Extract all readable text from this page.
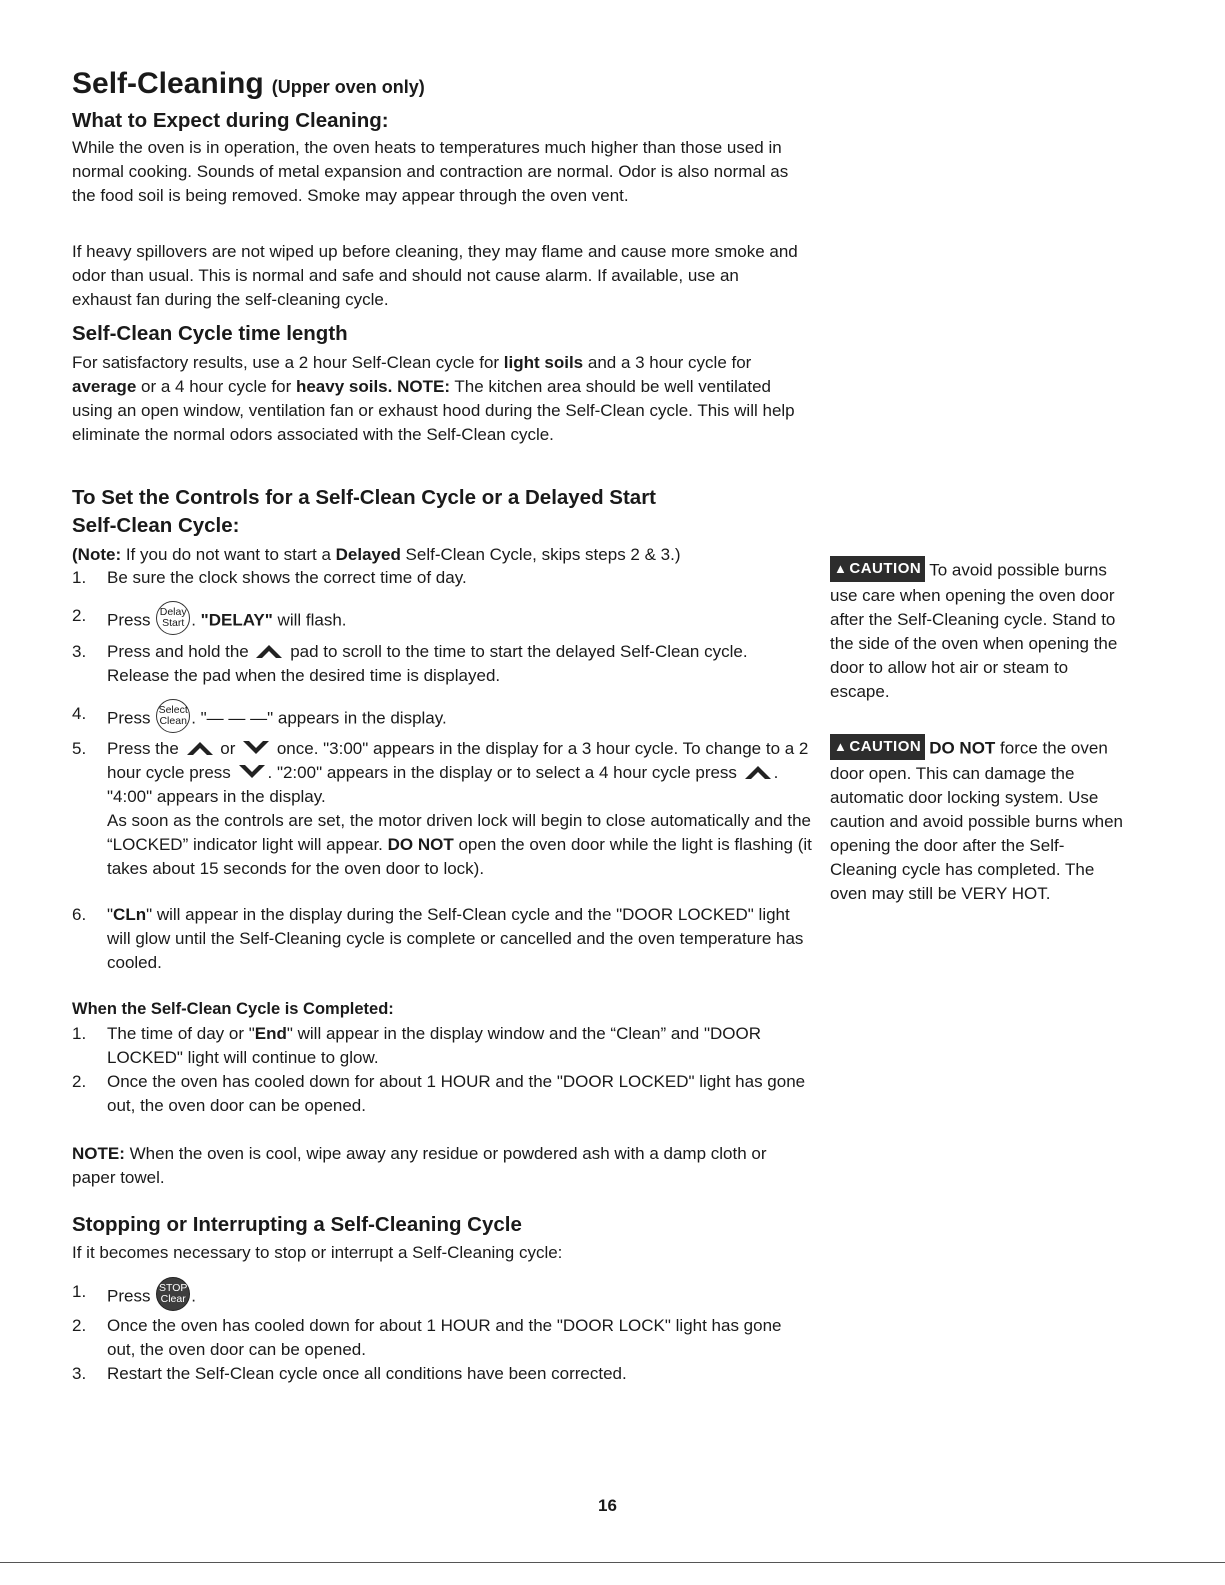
Self-Cleaning (Upper oven only)
What to Expect during Cleaning:

While the oven is in operation, the oven heats to temperatures much higher than those used in normal cooking. Sounds of metal expansion and contraction are normal. Odor is also normal as the food soil is being removed. Smoke may appear through the oven vent.

If heavy spillovers are not wiped up before cleaning, they may flame and cause more smoke and odor than usual. This is normal and safe and should not cause alarm. If available, use an exhaust fan during the self-cleaning cycle.

Self-Clean Cycle time length

For satisfactory results, use a 2 hour Self-Clean cycle for light soils and a 3 hour cycle for average or a 4 hour cycle for heavy soils. NOTE: The kitchen area should be well ventilated using an open window, ventilation fan or exhaust hood during the Self-Clean cycle. This will help eliminate the normal odors associated with the Self-Clean cycle.

To Set the Controls for a Self-Clean Cycle or a Delayed Start
Self-Clean Cycle:

(Note: If you do not want to start a Delayed Self-Clean Cycle, skips steps 2 & 3.)

1. Be sure the clock shows the correct time of day.
2. Press Delay
Start . "DELAY" will flash.
3. Press and hold the  pad to scroll to the time to start the delayed Self-Clean cycle. Release the pad when the desired time is displayed.
4. Press Select
Clean . "— — —" appears in the display.
5. Press the  or  once. "3:00" appears in the display for a 3 hour cycle. To change to a 2 hour cycle press . "2:00" appears in the display or to select a 4 hour cycle press . "4:00" appears in the display.
As soon as the controls are set, the motor driven lock will begin to close automatically and the “LOCKED” indicator light will appear. DO NOT open the oven door while the light is flashing (it takes about 15 seconds for the oven door to lock).
6. "CLn" will appear in the display during the Self-Clean cycle and the "DOOR LOCKED" light will glow until the Self-Cleaning cycle is complete or cancelled and the oven temperature has cooled.
When the Self-Clean Cycle is Completed:
1. The time of day or "End" will appear in the display window and the “Clean” and "DOOR LOCKED" light will continue to glow.
2. Once the oven has cooled down for about 1 HOUR and the "DOOR LOCKED" light has gone out, the oven door can be opened.

NOTE: When the oven is cool, wipe away any residue or powdered ash with a damp cloth or paper towel.

Stopping or Interrupting a Self-Cleaning Cycle

If it becomes necessary to stop or interrupt a Self-Cleaning cycle:

1. Press STOP
Clear .
2. Once the oven has cooled down for about 1 HOUR and the "DOOR LOCK" light has gone out, the oven door can be opened.
3. Restart the Self-Clean cycle once all conditions have been corrected.

▲ CAUTION To avoid possible burns use care when opening the oven door after the Self-Cleaning cycle. Stand to the side of the oven when opening the door to allow hot air or steam to escape.

▲ CAUTION DO NOT force the oven door open. This can damage the automatic door locking system. Use caution and avoid possible burns when opening the door after the Self-Cleaning cycle has completed. The oven may still be VERY HOT.

16
